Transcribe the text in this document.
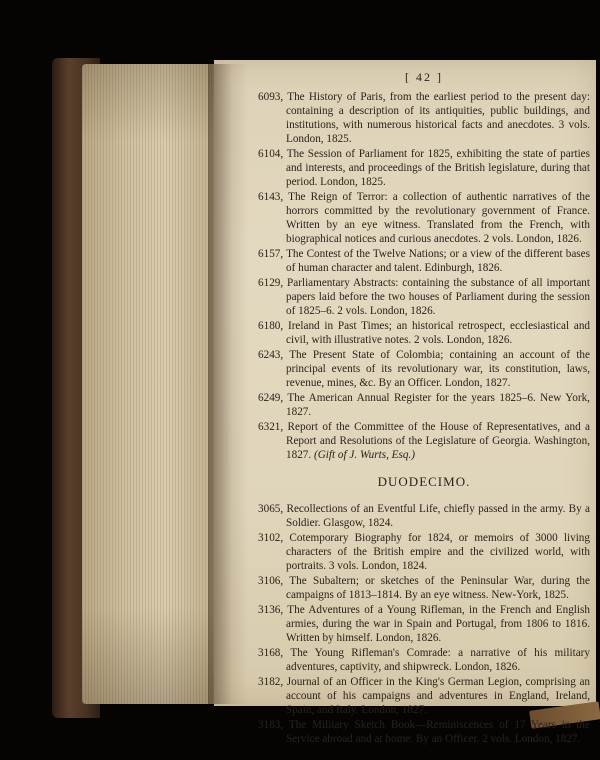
[ 42 ]

6093, The History of Paris, from the earliest period to the present day: containing a description of its antiquities, public buildings, and institutions, with numerous historical facts and anecdotes. 3 vols. London, 1825.

6104, The Session of Parliament for 1825, exhibiting the state of parties and interests, and proceedings of the British legislature, during that period. London, 1825.

6143, The Reign of Terror: a collection of authentic narratives of the horrors committed by the revolutionary government of France. Written by an eye witness. Translated from the French, with biographical notices and curious anecdotes. 2 vols. London, 1826.

6157, The Contest of the Twelve Nations; or a view of the different bases of human character and talent. Edinburgh, 1826.

6129, Parliamentary Abstracts: containing the substance of all important papers laid before the two houses of Parliament during the session of 1825–6. 2 vols. London, 1826.

6180, Ireland in Past Times; an historical retrospect, ecclesiastical and civil, with illustrative notes. 2 vols. London, 1826.

6243, The Present State of Colombia; containing an account of the principal events of its revolutionary war, its constitution, laws, revenue, mines, &c. By an Officer. London, 1827.

6249, The American Annual Register for the years 1825–6. New York, 1827.

6321, Report of the Committee of the House of Representatives, and a Report and Resolutions of the Legislature of Georgia. Washington, 1827. (Gift of J. Wurts, Esq.)

DUODECIMO.

3065, Recollections of an Eventful Life, chiefly passed in the army. By a Soldier. Glasgow, 1824.

3102, Cotemporary Biography for 1824, or memoirs of 3000 living characters of the British empire and the civilized world, with portraits. 3 vols. London, 1824.

3106, The Subaltern; or sketches of the Peninsular War, during the campaigns of 1813–1814. By an eye witness. New-York, 1825.

3136, The Adventures of a Young Rifleman, in the French and English armies, during the war in Spain and Portugal, from 1806 to 1816. Written by himself. London, 1826.

3168, The Young Rifleman's Comrade: a narrative of his military adventures, captivity, and shipwreck. London, 1826.

3182, Journal of an Officer in the King's German Legion, comprising an account of his campaigns and adventures in England, Ireland, Spain, and Italy. London, 1827.

3183, The Military Sketch Book—Reminiscences of 17 Years in the Service abroad and at home. By an Officer. 2 vols. London, 1827.
